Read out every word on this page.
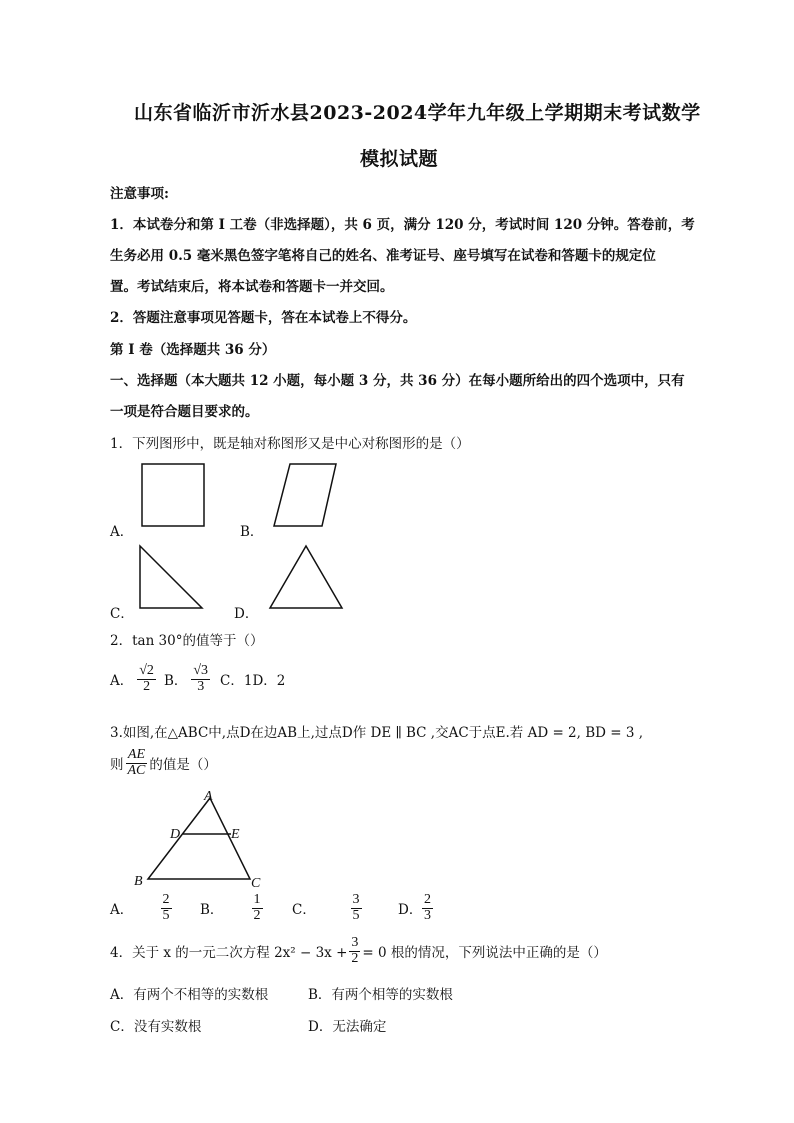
山东省临沂市沂水县2023-2024学年九年级上学期期末考试数学
模拟试题
注意事项:
1．本试卷分和第 I 工卷（非选择题），共 6 页，满分 120 分，考试时间 120 分钟。答卷前，考
生务必用 0.5 毫米黑色签字笔将自己的姓名、准考证号、座号填写在试卷和答题卡的规定位
置。考试结束后，将本试卷和答题卡一并交回。
2．答题注意事项见答题卡，答在本试卷上不得分。
第 I 卷（选择题共 36 分）
一、选择题（本大题共 12 小题，每小题 3 分，共 36 分）在每小题所给出的四个选项中，只有
一项是符合题目要求的。
1．下列图形中，既是轴对称图形又是中心对称图形的是（）
A．	B．
C．	D．
2．tan 30°的值等于（）
A． $\frac{√2}{2}$ B． $\frac{√3}{3}$ C．1D．2
3.如图,在△ABC中,点D在边AB上,过点D作 DE ∥ BC ,交AC于点E.若 AD = 2, BD = 3 ,
则 $\frac{AE}{AC}$ 的值是（）
A
D	E
B	C
A． $\frac{2}{5}$ B． $\frac{1}{2}$ C． $\frac{3}{5}$ D． $\frac{2}{3}$
4．关于 x 的一元二次方程 $2x^2 - 3x + \frac{3}{2} = 0$ 根的情况，下列说法中正确的是（）
A．有两个不相等的实数根	B．有两个相等的实数根
C．没有实数根	D．无法确定
